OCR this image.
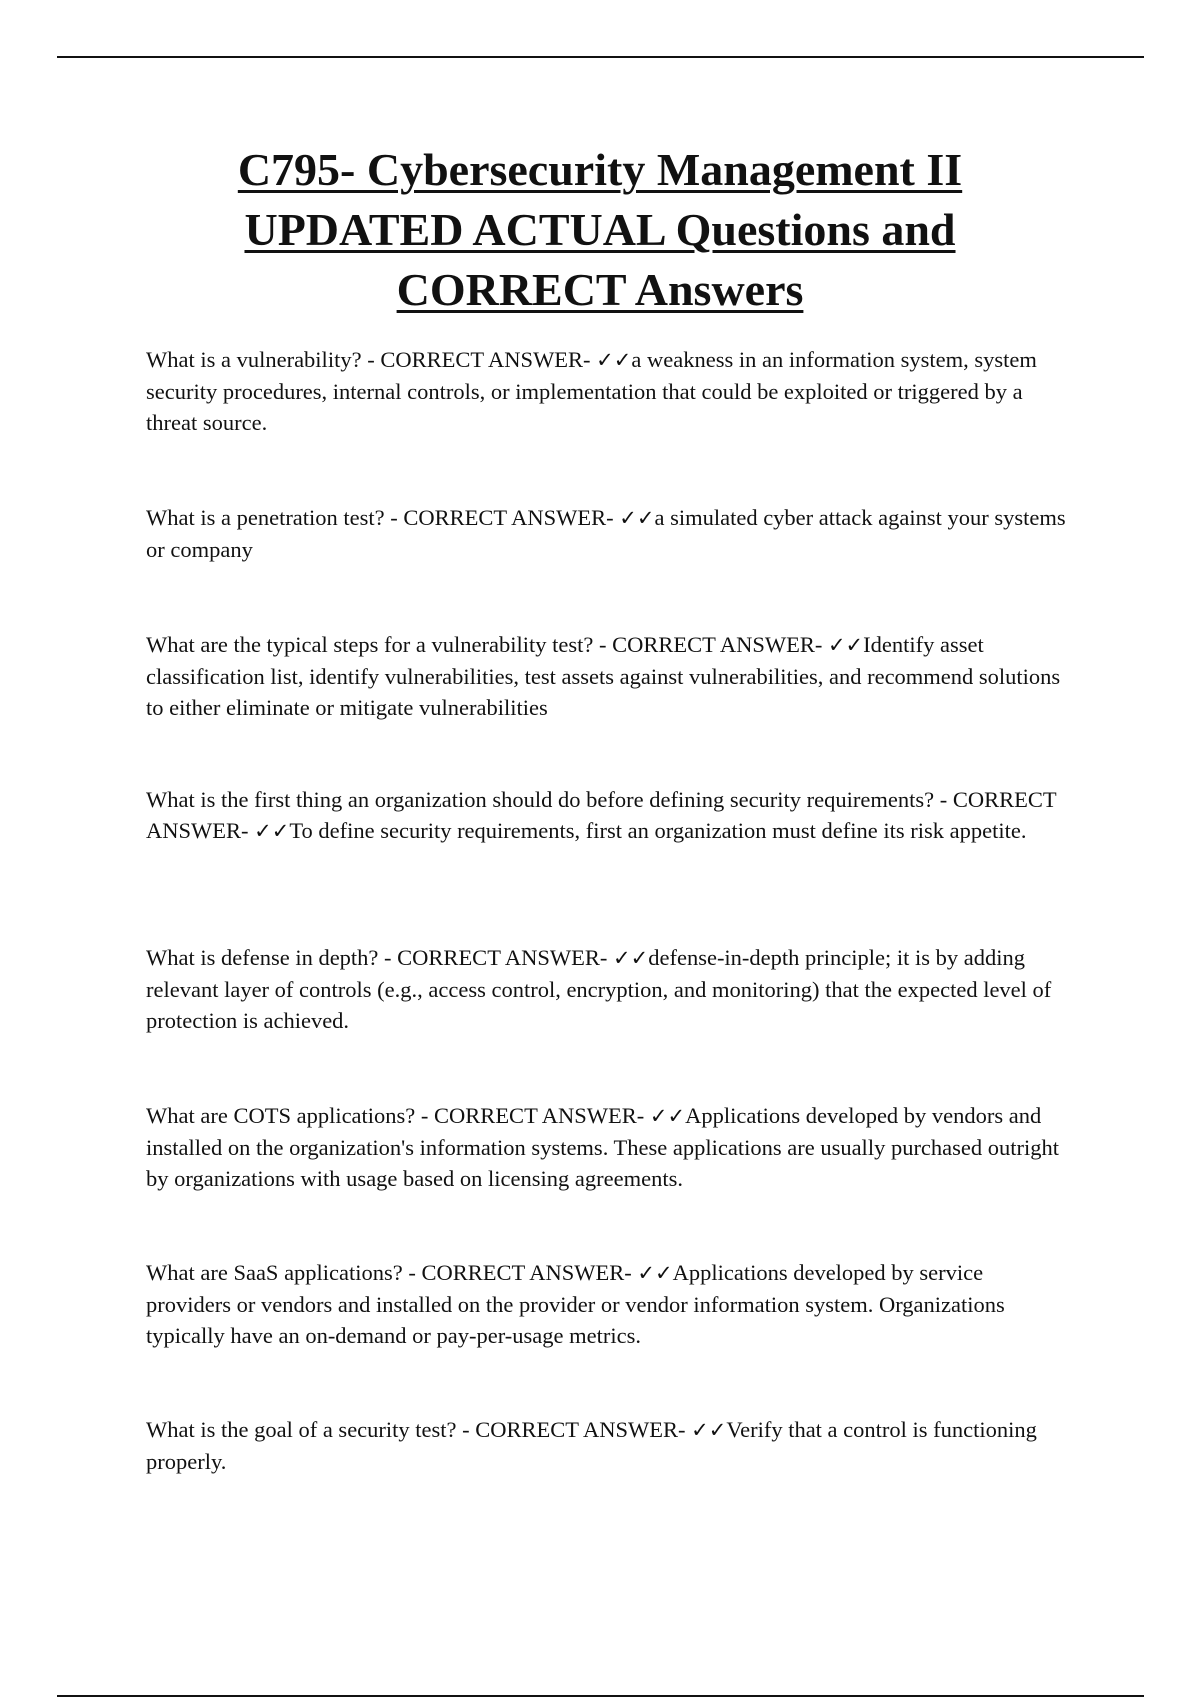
C795- Cybersecurity Management II
UPDATED ACTUAL Questions and
CORRECT Answers
What is a vulnerability? - CORRECT ANSWER- ✓✓a weakness in an information system, system security procedures, internal controls, or implementation that could be exploited or triggered by a threat source.
What is a penetration test? - CORRECT ANSWER- ✓✓a simulated cyber attack against your systems or company
What are the typical steps for a vulnerability test? - CORRECT ANSWER- ✓✓Identify asset classification list, identify vulnerabilities, test assets against vulnerabilities, and recommend solutions to either eliminate or mitigate vulnerabilities
What is the first thing an organization should do before defining security requirements? - CORRECT ANSWER- ✓✓To define security requirements, first an organization must define its risk appetite.
What is defense in depth? - CORRECT ANSWER- ✓✓defense-in-depth principle; it is by adding relevant layer of controls (e.g., access control, encryption, and monitoring) that the expected level of protection is achieved.
What are COTS applications? - CORRECT ANSWER- ✓✓Applications developed by vendors and installed on the organization's information systems. These applications are usually purchased outright by organizations with usage based on licensing agreements.
What are SaaS applications? - CORRECT ANSWER- ✓✓Applications developed by service providers or vendors and installed on the provider or vendor information system. Organizations typically have an on-demand or pay-per-usage metrics.
What is the goal of a security test? - CORRECT ANSWER- ✓✓Verify that a control is functioning properly.
